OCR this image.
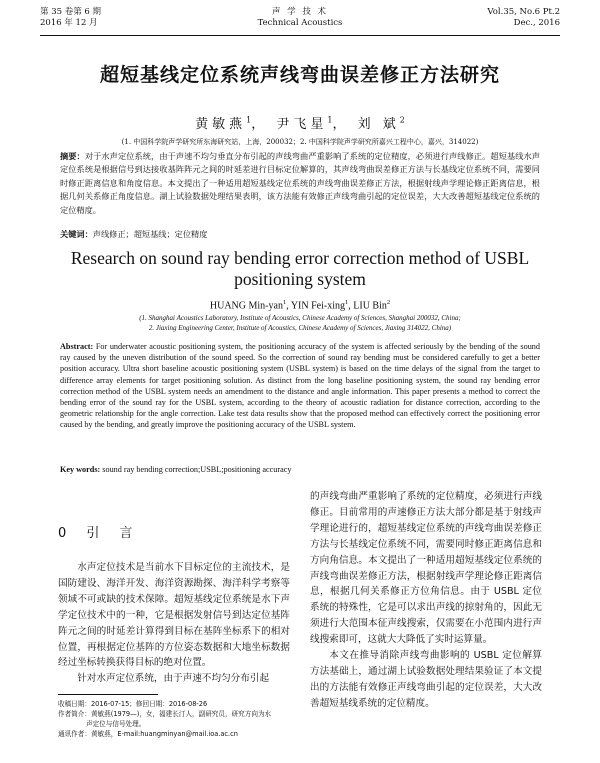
第 35 卷第 6 期
2016 年 12 月
声 学 技 术
Technical Acoustics
Vol.35, No.6 Pt.2
Dec., 2016
超短基线定位系统声线弯曲误差修正方法研究
黄敏燕$^1$， 尹飞星$^1$， 刘 斌$^2$
(1. 中国科学院声学研究所东海研究站，上海，200032；2. 中国科学院声学研究所嘉兴工程中心，嘉兴，314022)
摘要：对于水声定位系统，由于声速不均匀垂直分布引起的声线弯曲严重影响了系统的定位精度，必须进行声线修正。超短基线水声定位系统是根据信号到达接收基阵阵元之间的时延差进行目标定位解算的，其声线弯曲误差修正方法与长基线定位系统不同，需要同时修正距离信息和角度信息。本文提出了一种适用超短基线定位系统的声线弯曲误差修正方法，根据射线声学理论修正距离信息，根据几何关系修正角度信息。湖上试验数据处理结果表明，该方法能有效修正声线弯曲引起的定位误差，大大改善超短基线定位系统的定位精度。
关键词：声线修正；超短基线；定位精度
Research on sound ray bending error correction method of USBL positioning system
HUANG Min-yan$^1$, YIN Fei-xing$^1$, LIU Bin$^2$
(1. Shanghai Acoustics Laboratory, Institute of Acoustics, Chinese Academy of Sciences, Shanghai 200032, China;
2. Jiaxing Engineering Center, Institute of Acoustics, Chinese Academy of Sciences, Jiaxing 314022, China)
Abstract: For underwater acoustic positioning system, the positioning accuracy of the system is affected seriously by the bending of the sound ray caused by the uneven distribution of the sound speed. So the correction of sound ray bending must be considered carefully to get a better position accuracy. Ultra short baseline acoustic positioning system (USBL system) is based on the time delays of the signal from the target to difference array elements for target positioning solution. As distinct from the long baseline positioning system, the sound ray bending error correction method of the USBL system needs an amendment to the distance and angle information. This paper presents a method to correct the bending error of the sound ray for the USBL system, according to the theory of acoustic radiation for distance correction, according to the geometric relationship for the angle correction. Lake test data results show that the proposed method can effectively correct the positioning error caused by the bending, and greatly improve the positioning accuracy of the USBL system.
Key words: sound ray bending correction;USBL;positioning accuracy
0 引 言

水声定位技术是当前水下目标定位的主流技术，是国防建设、海洋开发、海洋资源勘探、海洋科学考察等领域不可或缺的技术保障。超短基线定位系统是水下声学定位技术中的一种，它是根据发射信号到达定位基阵阵元之间的时延差计算得到目标在基阵坐标系下的相对位置，再根据定位基阵的方位姿态数据和大地坐标数据经过坐标转换获得目标的绝对位置。

针对水声定位系统，由于声速不均匀分布引起

的声线弯曲严重影响了系统的定位精度，必须进行声线修正。目前常用的声速修正方法大部分都是基于射线声学理论进行的，超短基线定位系统的声线弯曲误差修正方法与长基线定位系统不同，需要同时修正距离信息和方向角信息。本文提出了一种适用超短基线定位系统的声线弯曲误差修正方法，根据射线声学理论修正距离信息，根据几何关系修正方位角信息。由于 USBL 定位系统的特殊性，它是可以求出声线的掠射角的，因此无须进行大范围本征声线搜索，仅需要在小范围内进行声线搜索即可，这就大大降低了实时运算量。

本文在推导消除声线弯曲影响的 USBL 定位解算方法基础上，通过湖上试验数据处理结果验证了本文提出的方法能有效修正声线弯曲引起的定位误差，大大改善超短基线系统的定位精度。

收稿日期：2016-07-15；修回日期：2016-08-26
作者简介：黄敏燕(1979—)，女，福建长汀人，副研究员，研究方向为水
声定位与信号处理。
通讯作者：黄敏燕，E-mail:huangminyan@mail.ioa.ac.cn
